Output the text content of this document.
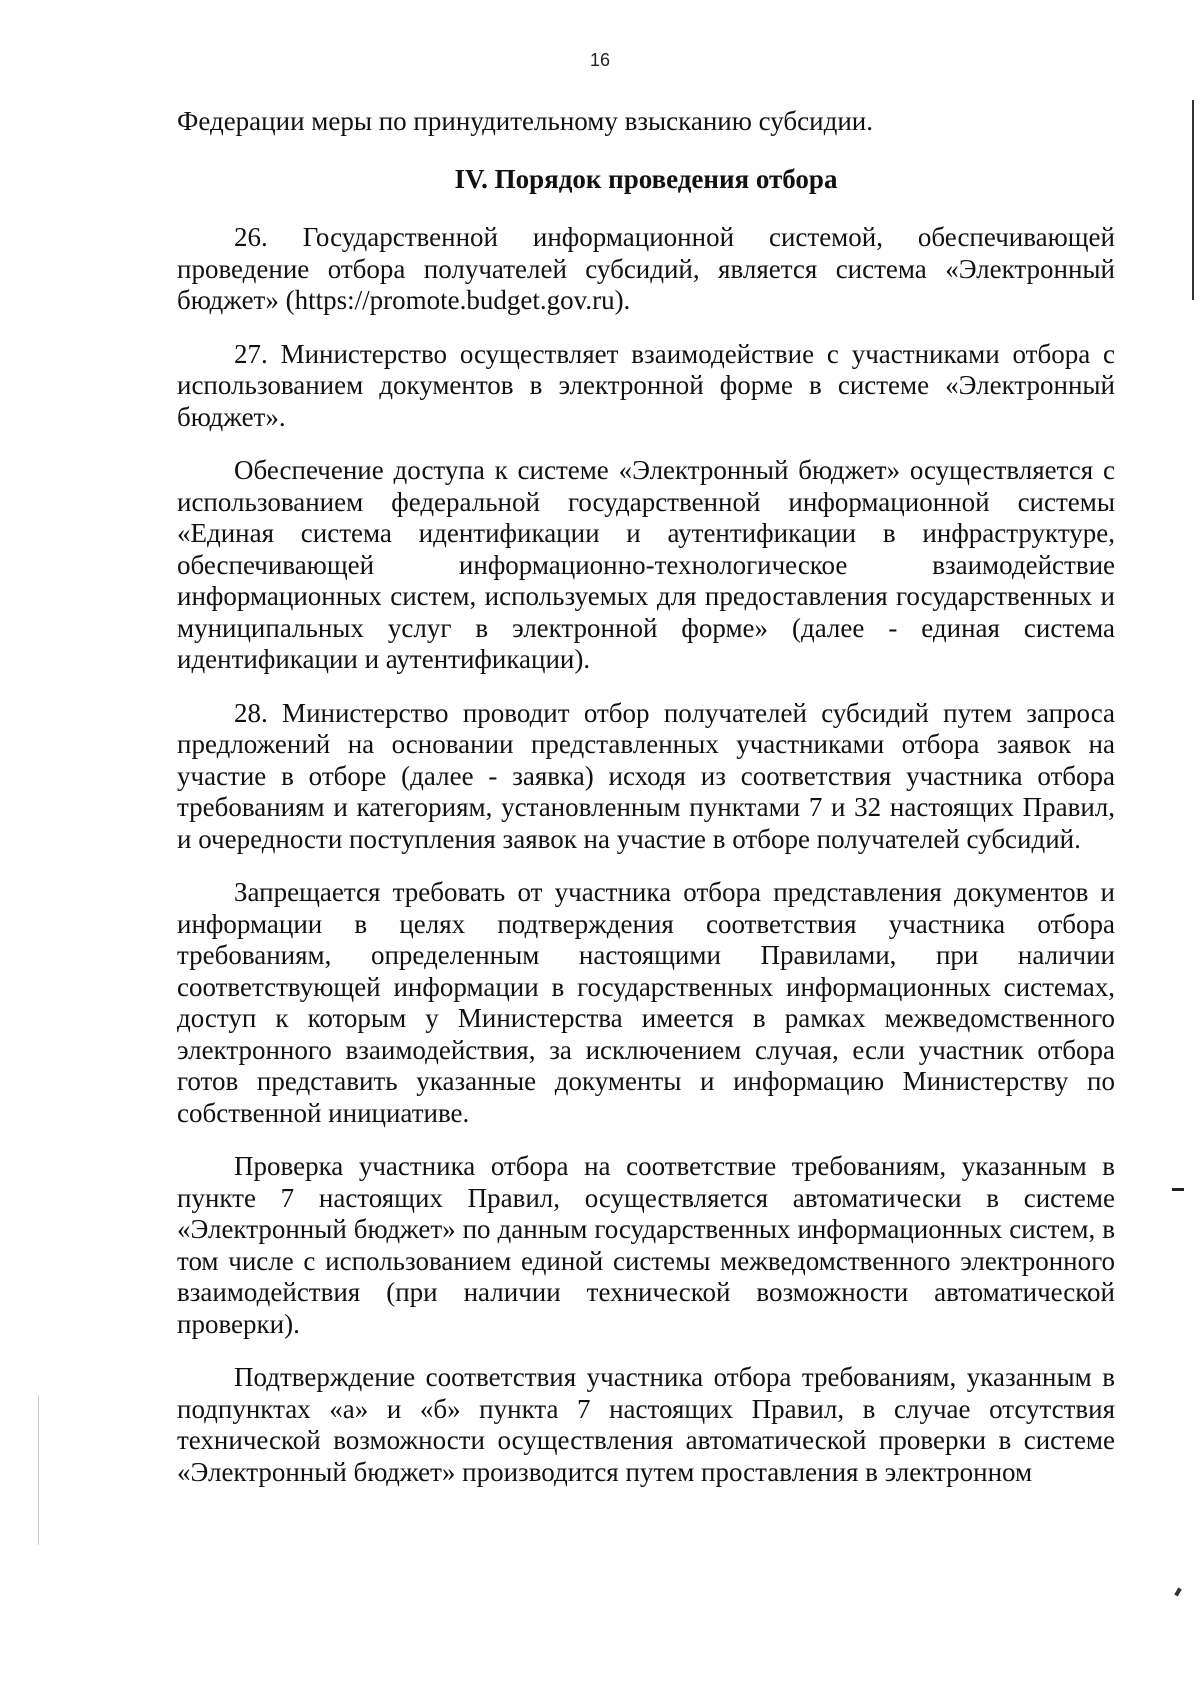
16

Федерации меры по принудительному взысканию субсидии.

IV. Порядок проведения отбора

26. Государственной информационной системой, обеспечивающей проведение отбора получателей субсидий, является система «Электронный бюджет» (https://promote.budget.gov.ru).

27. Министерство осуществляет взаимодействие с участниками отбора с использованием документов в электронной форме в системе «Электронный бюджет».

Обеспечение доступа к системе «Электронный бюджет» осуществляется с использованием федеральной государственной информационной системы «Единая система идентификации и аутентификации в инфраструктуре, обеспечивающей информационно-технологическое взаимодействие информационных систем, используемых для предоставления государственных и муниципальных услуг в электронной форме» (далее - единая система идентификации и аутентификации).

28. Министерство проводит отбор получателей субсидий путем запроса предложений на основании представленных участниками отбора заявок на участие в отборе (далее - заявка) исходя из соответствия участника отбора требованиям и категориям, установленным пунктами 7 и 32 настоящих Правил, и очередности поступления заявок на участие в отборе получателей субсидий.

Запрещается требовать от участника отбора представления документов и информации в целях подтверждения соответствия участника отбора требованиям, определенным настоящими Правилами, при наличии соответствующей информации в государственных информационных системах, доступ к которым у Министерства имеется в рамках межведомственного электронного взаимодействия, за исключением случая, если участник отбора готов представить указанные документы и информацию Министерству по собственной инициативе.

Проверка участника отбора на соответствие требованиям, указанным в пункте 7 настоящих Правил, осуществляется автоматически в системе «Электронный бюджет» по данным государственных информационных систем, в том числе с использованием единой системы межведомственного электронного взаимодействия (при наличии технической возможности автоматической проверки).

Подтверждение соответствия участника отбора требованиям, указанным в подпунктах «а» и «б» пункта 7 настоящих Правил, в случае отсутствия технической возможности осуществления автоматической проверки в системе «Электронный бюджет» производится путем проставления в электронном
